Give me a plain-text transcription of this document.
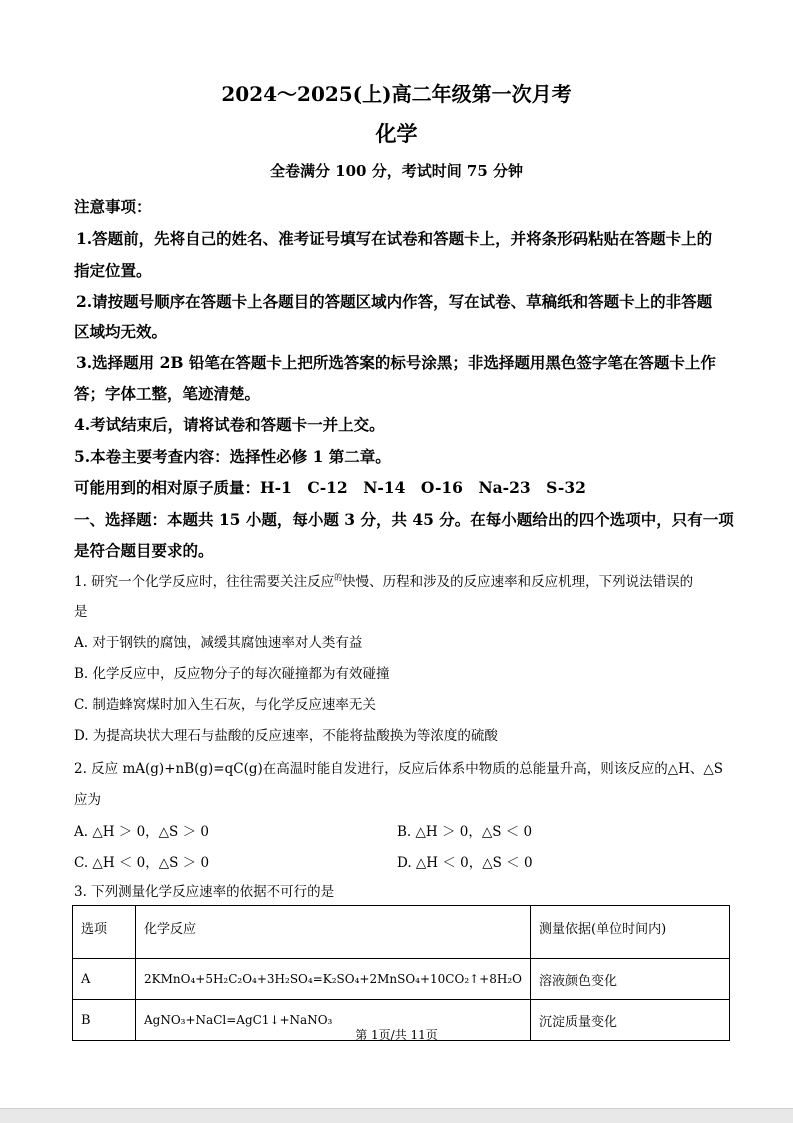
2024～2025(上)高二年级第一次月考
化学
全卷满分 100 分，考试时间 75 分钟
注意事项：
1.答题前，先将自己的姓名、准考证号填写在试卷和答题卡上，并将条形码粘贴在答题卡上的
指定位置。
2.请按题号顺序在答题卡上各题目的答题区域内作答，写在试卷、草稿纸和答题卡上的非答题
区域均无效。
3.选择题用 2B 铅笔在答题卡上把所选答案的标号涂黑；非选择题用黑色签字笔在答题卡上作
答；字体工整，笔迹清楚。
4.考试结束后，请将试卷和答题卡一并上交。
5.本卷主要考查内容：选择性必修 1 第二章。
可能用到的相对原子质量：H-1　C-12　N-14　O-16　Na-23　S-32
一、选择题：本题共 15 小题，每小题 3 分，共 45 分。在每小题给出的四个选项中，只有一项
是符合题目要求的。
1. 研究一个化学反应时，往往需要关注反应$^的$快慢、历程和涉及的反应速率和反应机理，下列说法错误的
是
A. 对于钢铁的腐蚀，减缓其腐蚀速率对人类有益
B. 化学反应中，反应物分子的每次碰撞都为有效碰撞
C. 制造蜂窝煤时加入生石灰，与化学反应速率无关
D. 为提高块状大理石与盐酸的反应速率，不能将盐酸换为等浓度的硫酸
2. 反应 mA(g)+nB(g)=qC(g)在高温时能自发进行，反应后体系中物质的总能量升高，则该反应的△H、△S
应为
A. △H ＞ 0，△S ＞ 0	B. △H ＞ 0，△S ＜ 0
C. △H ＜ 0，△S ＞ 0	D. △H ＜ 0，△S ＜ 0
3. 下列测量化学反应速率的依据不可行的是
选项	化学反应	测量依据(单位时间内)
A	2KMnO₄+5H₂C₂O₄+3H₂SO₄=K₂SO₄+2MnSO₄+10CO₂↑+8H₂O	溶液颜色变化
B	AgNO₃+NaCl=AgC1↓+NaNO₃	沉淀质量变化
第 1页/共 11页
